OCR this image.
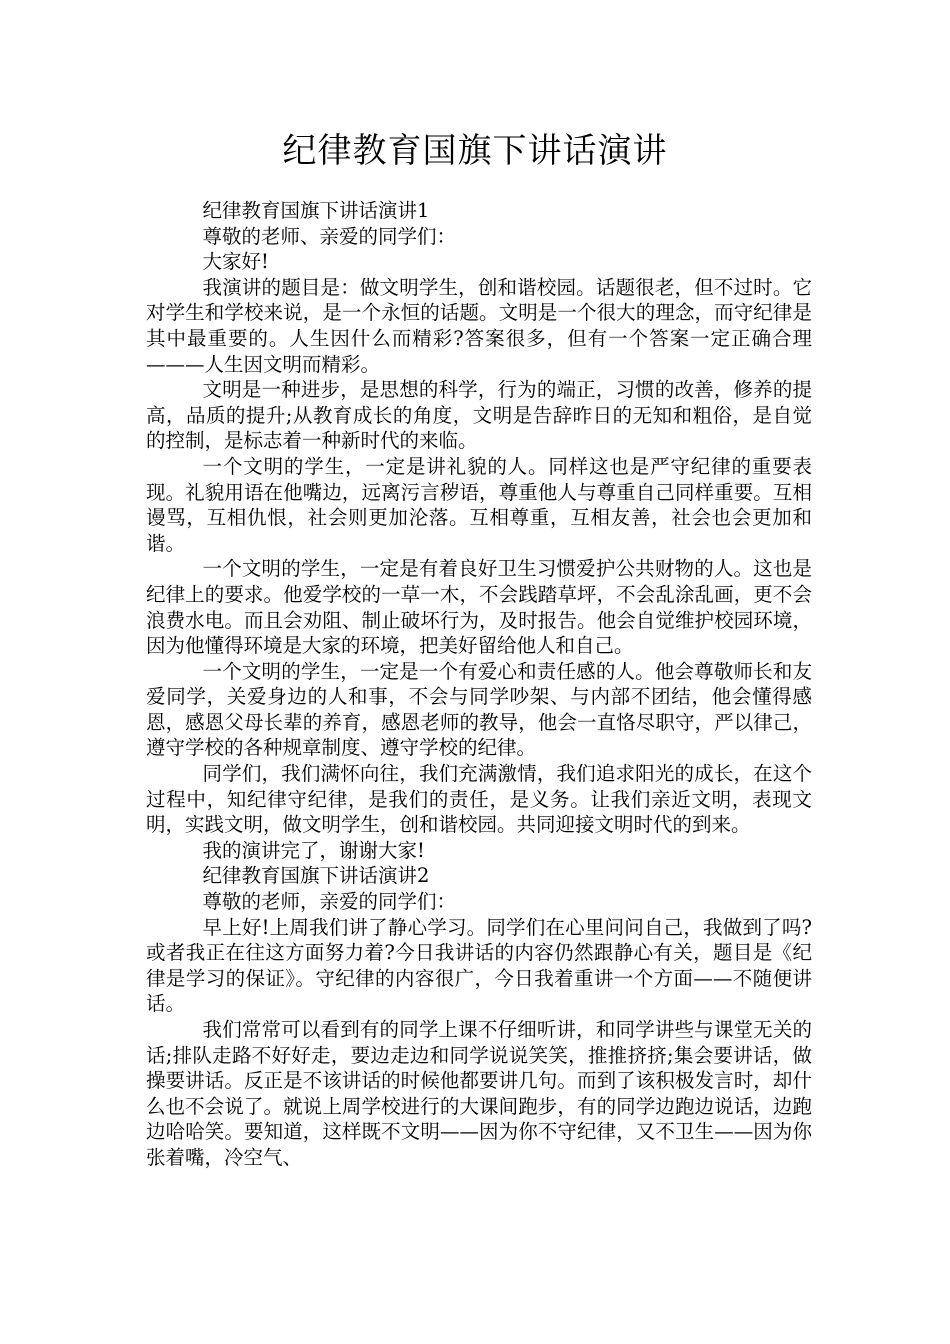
纪律教育国旗下讲话演讲

纪律教育国旗下讲话演讲1

尊敬的老师、亲爱的同学们：

大家好!

我演讲的题目是：做文明学生，创和谐校园。话题很老，但不过时。它对学生和学校来说，是一个永恒的话题。文明是一个很大的理念，而守纪律是其中最重要的。人生因什么而精彩?答案很多，但有一个答案一定正确合理———人生因文明而精彩。

文明是一种进步，是思想的科学，行为的端正，习惯的改善，修养的提高，品质的提升;从教育成长的角度，文明是告辞昨日的无知和粗俗，是自觉的控制，是标志着一种新时代的来临。

一个文明的学生，一定是讲礼貌的人。同样这也是严守纪律的重要表现。礼貌用语在他嘴边，远离污言秽语，尊重他人与尊重自己同样重要。互相谩骂，互相仇恨，社会则更加沦落。互相尊重，互相友善，社会也会更加和谐。

一个文明的学生，一定是有着良好卫生习惯爱护公共财物的人。这也是纪律上的要求。他爱学校的一草一木，不会践踏草坪，不会乱涂乱画，更不会浪费水电。而且会劝阻、制止破坏行为，及时报告。他会自觉维护校园环境，因为他懂得环境是大家的环境，把美好留给他人和自己。

一个文明的学生，一定是一个有爱心和责任感的人。他会尊敬师长和友爱同学，关爱身边的人和事，不会与同学吵架、与内部不团结，他会懂得感恩，感恩父母长辈的养育，感恩老师的教导，他会一直恪尽职守，严以律己，遵守学校的各种规章制度、遵守学校的纪律。

同学们，我们满怀向往，我们充满激情，我们追求阳光的成长，在这个过程中，知纪律守纪律，是我们的责任，是义务。让我们亲近文明，表现文明，实践文明，做文明学生，创和谐校园。共同迎接文明时代的到来。

我的演讲完了，谢谢大家!

纪律教育国旗下讲话演讲2

尊敬的老师，亲爱的同学们：

早上好!上周我们讲了静心学习。同学们在心里问问自己，我做到了吗?或者我正在往这方面努力着?今日我讲话的内容仍然跟静心有关，题目是《纪律是学习的保证》。守纪律的内容很广，今日我着重讲一个方面——不随便讲话。

我们常常可以看到有的同学上课不仔细听讲，和同学讲些与课堂无关的话;排队走路不好好走，要边走边和同学说说笑笑，推推挤挤;集会要讲话，做操要讲话。反正是不该讲话的时候他都要讲几句。而到了该积极发言时，却什么也不会说了。就说上周学校进行的大课间跑步，有的同学边跑边说话，边跑边哈哈笑。要知道，这样既不文明——因为你不守纪律，又不卫生——因为你张着嘴，冷空气、
